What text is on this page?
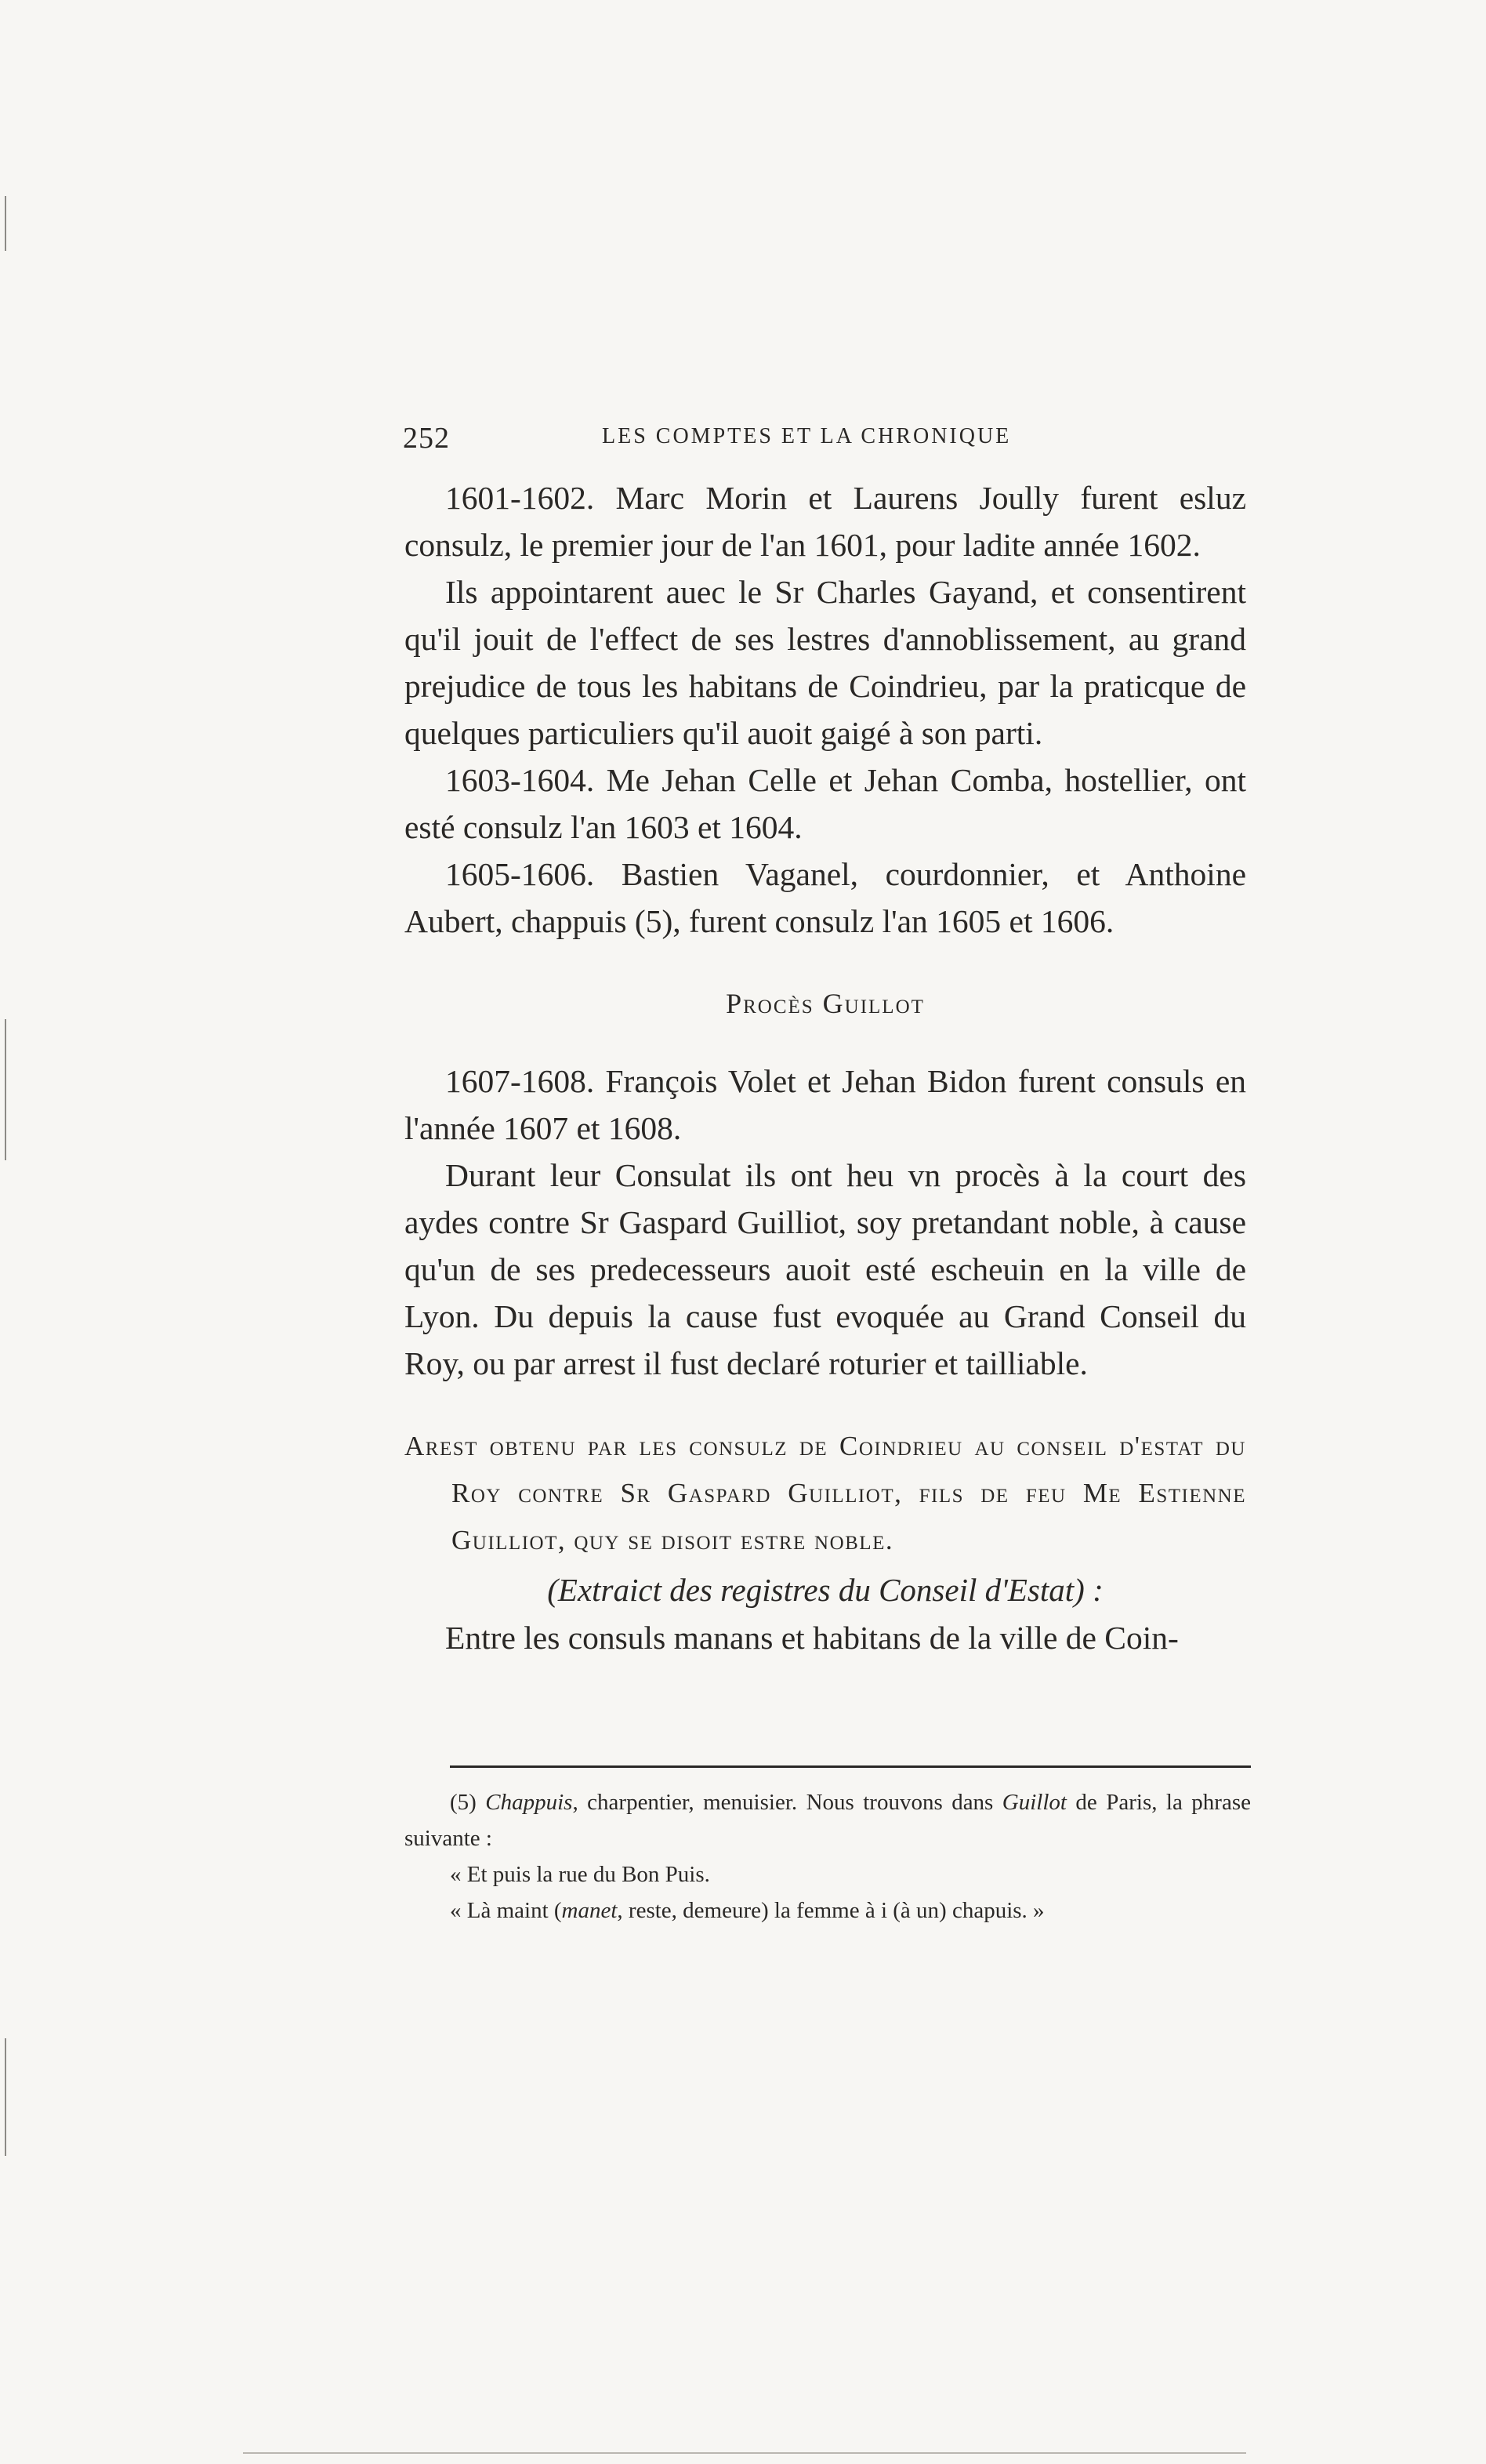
252	LES COMPTES ET LA CHRONIQUE

1601-1602. Marc Morin et Laurens Joully furent esluz consulz, le premier jour de l'an 1601, pour ladite année 1602.

Ils appointarent auec le Sr Charles Gayand, et consentirent qu'il jouit de l'effect de ses lestres d'annoblissement, au grand prejudice de tous les habitans de Coindrieu, par la praticque de quelques particuliers qu'il auoit gaigé à son parti.

1603-1604. Me Jehan Celle et Jehan Comba, hostellier, ont esté consulz l'an 1603 et 1604.

1605-1606. Bastien Vaganel, courdonnier, et Anthoine Aubert, chappuis (5), furent consulz l'an 1605 et 1606.

Procès Guillot

1607-1608. François Volet et Jehan Bidon furent consuls en l'année 1607 et 1608.

Durant leur Consulat ils ont heu vn procès à la court des aydes contre Sr Gaspard Guilliot, soy pretandant noble, à cause qu'un de ses predecesseurs auoit esté escheuin en la ville de Lyon. Du depuis la cause fust evoquée au Grand Conseil du Roy, ou par arrest il fust declaré roturier et tailliable.

Arest obtenu par les consulz de Coindrieu au conseil d'estat du Roy contre Sr Gaspard Guilliot, fils de feu Me Estienne Guilliot, quy se disoit estre noble.

(Extraict des registres du Conseil d'Estat) :

Entre les consuls manans et habitans de la ville de Coin-

(5) Chappuis, charpentier, menuisier. Nous trouvons dans Guillot de Paris, la phrase suivante :

« Et puis la rue du Bon Puis.

« Là maint (manet, reste, demeure) la femme à i (à un) chapuis. »
